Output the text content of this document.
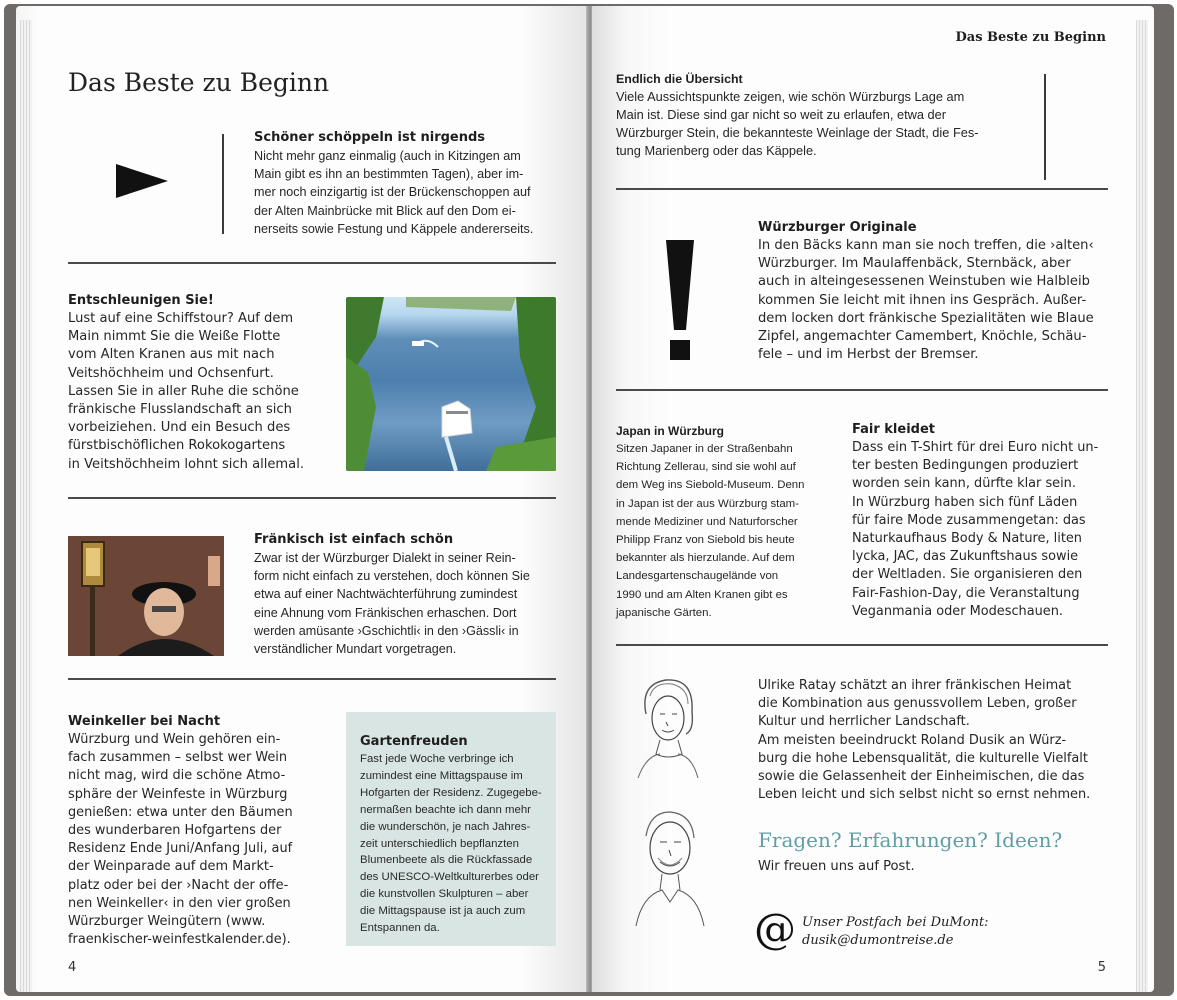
Das Beste zu Beginn
Schöner schöppeln ist nirgends
Nicht mehr ganz einmalig (auch in Kitzingen am
Main gibt es ihn an bestimmten Tagen), aber im-
mer noch einzigartig ist der Brückenschoppen auf
der Alten Mainbrücke mit Blick auf den Dom ei-
nerseits sowie Festung und Käppele andererseits.
Entschleunigen Sie!
Lust auf eine Schiffstour? Auf dem
Main nimmt Sie die Weiße Flotte
vom Alten Kranen aus mit nach
Veitshöchheim und Ochsenfurt.
Lassen Sie in aller Ruhe die schöne
fränkische Flusslandschaft an sich
vorbeiziehen. Und ein Besuch des
fürstbischöflichen Rokokogartens
in Veitshöchheim lohnt sich allemal.
Fränkisch ist einfach schön
Zwar ist der Würzburger Dialekt in seiner Rein-
form nicht einfach zu verstehen, doch können Sie
etwa auf einer Nachtwächterführung zumindest
eine Ahnung vom Fränkischen erhaschen. Dort
werden amüsante ›Gschichtli‹ in den ›Gässli‹ in
verständlicher Mundart vorgetragen.
Weinkeller bei Nacht
Würzburg und Wein gehören ein-
fach zusammen – selbst wer Wein
nicht mag, wird die schöne Atmo-
sphäre der Weinfeste in Würzburg
genießen: etwa unter den Bäumen
des wunderbaren Hofgartens der
Residenz Ende Juni/Anfang Juli, auf
der Weinparade auf dem Markt-
platz oder bei der ›Nacht der offe-
nen Weinkeller‹ in den vier großen
Würzburger Weingütern (www.
fraenkischer-weinfestkalender.de).
Gartenfreuden
Fast jede Woche verbringe ich
zumindest eine Mittagspause im
Hofgarten der Residenz. Zugegebe-
nermaßen beachte ich dann mehr
die wunderschön, je nach Jahres-
zeit unterschiedlich bepflanzten
Blumenbeete als die Rückfassade
des UNESCO-Weltkulturerbes oder
die kunstvollen Skulpturen – aber
die Mittagspause ist ja auch zum
Entspannen da.
4
Das Beste zu Beginn
Endlich die Übersicht
Viele Aussichtspunkte zeigen, wie schön Würzburgs Lage am
Main ist. Diese sind gar nicht so weit zu erlaufen, etwa der
Würzburger Stein, die bekannteste Weinlage der Stadt, die Fes-
tung Marienberg oder das Käppele.
Würzburger Originale
In den Bäcks kann man sie noch treffen, die ›alten‹
Würzburger. Im Maulaffenbäck, Sternbäck, aber
auch in alteingesessenen Weinstuben wie Halbleib
kommen Sie leicht mit ihnen ins Gespräch. Außer-
dem locken dort fränkische Spezialitäten wie Blaue
Zipfel, angemachter Camembert, Knöchle, Schäu-
fele – und im Herbst der Bremser.
Japan in Würzburg
Sitzen Japaner in der Straßenbahn
Richtung Zellerau, sind sie wohl auf
dem Weg ins Siebold-Museum. Denn
in Japan ist der aus Würzburg stam-
mende Mediziner und Naturforscher
Philipp Franz von Siebold bis heute
bekannter als hierzulande. Auf dem
Landesgartenschaugelände von
1990 und am Alten Kranen gibt es
japanische Gärten.
Fair kleidet
Dass ein T-Shirt für drei Euro nicht un-
ter besten Bedingungen produziert
worden sein kann, dürfte klar sein.
In Würzburg haben sich fünf Läden
für faire Mode zusammengetan: das
Naturkaufhaus Body & Nature, liten
lycka, JAC, das Zukunftshaus sowie
der Weltladen. Sie organisieren den
Fair-Fashion-Day, die Veranstaltung
Veganmania oder Modeschauen.
Ulrike Ratay schätzt an ihrer fränkischen Heimat
die Kombination aus genussvollem Leben, großer
Kultur und herrlicher Landschaft.
Am meisten beeindruckt Roland Dusik an Würz-
burg die hohe Lebensqualität, die kulturelle Vielfalt
sowie die Gelassenheit der Einheimischen, die das
Leben leicht und sich selbst nicht so ernst nehmen.
Fragen? Erfahrungen? Ideen?
Wir freuen uns auf Post.
@ Unser Postfach bei DuMont:
dusik@dumontreise.de
5
